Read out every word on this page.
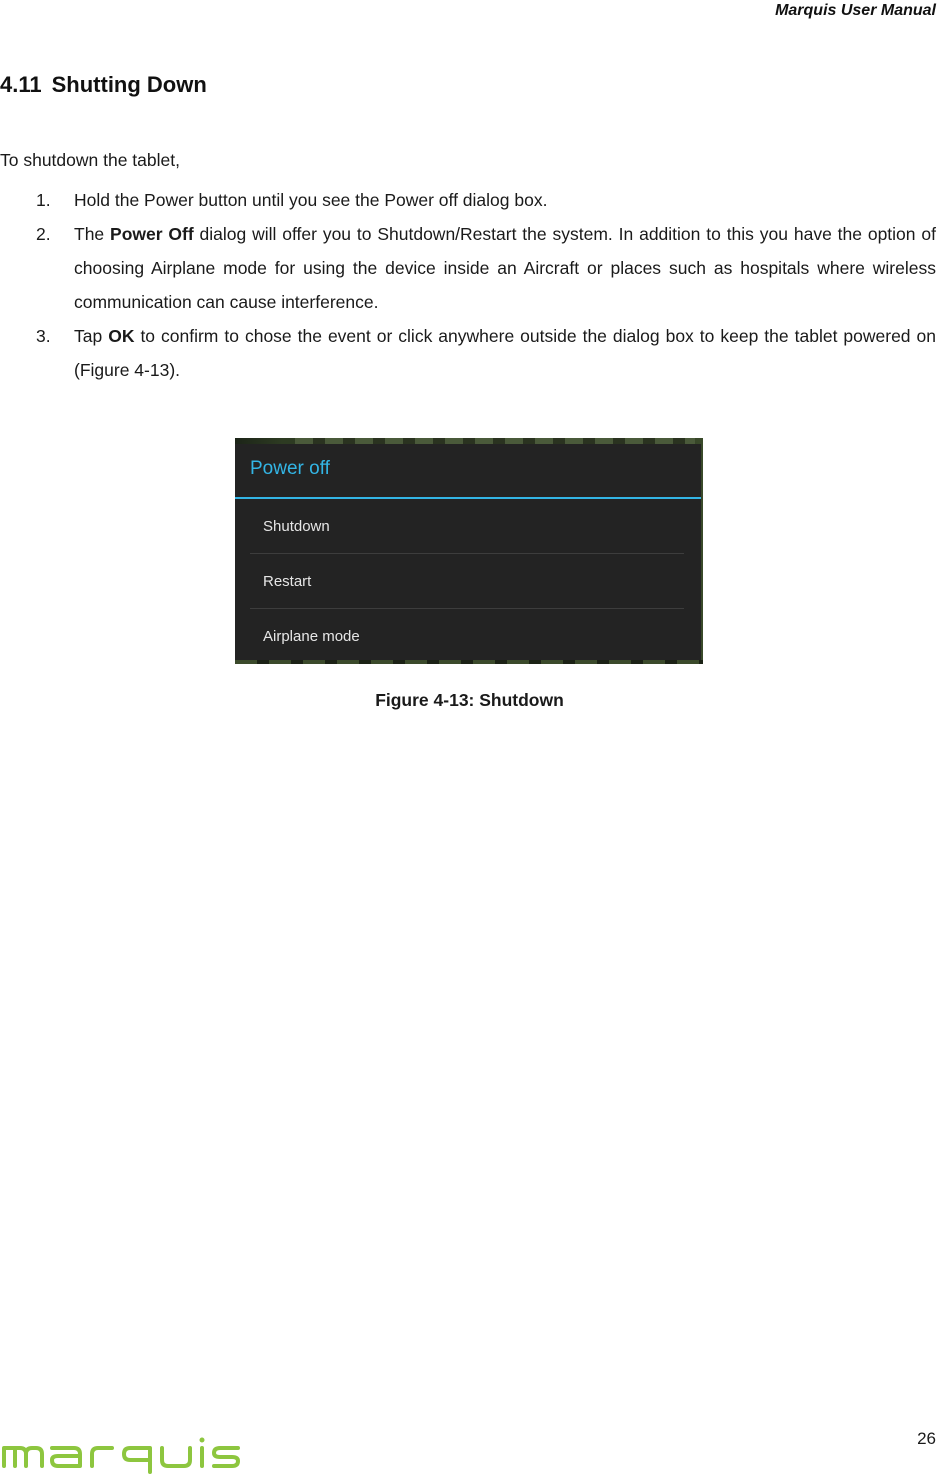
Marquis User Manual
4.11 Shutting Down
To shutdown the tablet,
1.	Hold the Power button until you see the Power off dialog box.
2.	The Power Off dialog will offer you to Shutdown/Restart the system. In addition to this you have the option of choosing Airplane mode for using the device inside an Aircraft or places such as hospitals where wireless communication can cause interference.
3.	Tap OK to confirm to chose the event or click anywhere outside the dialog box to keep the tablet powered on (Figure 4-13).
Power off
Shutdown
Restart
Airplane mode
Figure 4-13: Shutdown
26
